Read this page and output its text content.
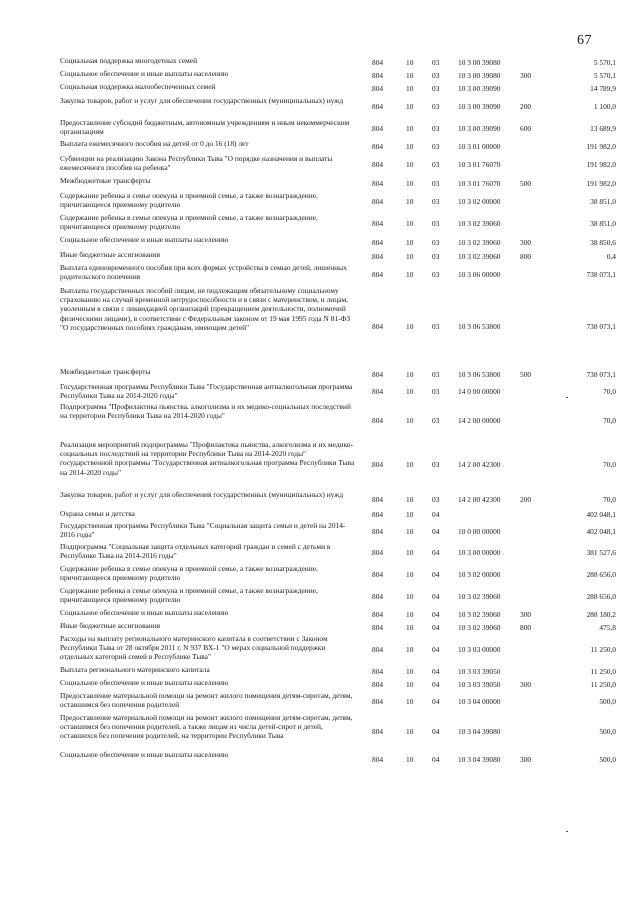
67
Социальная поддержка многодетных семей	804	10	03	10 3 00 39080		5 570,1
Социальное обеспечение и иные выплаты населению	804	10	03	10 3 00 39080	300	5 570,1
Социальная поддержка малообеспеченных семей	804	10	03	10 3 00 39090		14 789,9
Закупка товаров, работ и услуг для обеспечения государственных (муниципальных) нужд	804	10	03	10 3 00 39090	200	1 100,0
Предоставление субсидий бюджетным, автономным учреждениям и иным некоммерческим организациям	804	10	03	10 3 00 39090	600	13 689,9
Выплата ежемесячного пособия на детей от 0 до 16 (18) лет	804	10	03	10 3 01 00000		191 982,0
Субвенции на реализацию Закона Республики Тыва "О порядке назначения и выплаты ежемесячного пособия на ребенка"	804	10	03	10 3 01 76070		191 982,0
Межбюджетные трансферты	804	10	03	10 3 01 76070	500	191 982,0
Содержание ребенка в семье опекуна и приемной семье, а также вознаграждение, причитающееся приемному родителю	804	10	03	10 3 02 00000		38 851,0
Содержание ребенка в семье опекуна и приемной семье, а также вознаграждение, причитающееся приемному родителю	804	10	03	10 3 02 39060		38 851,0
Социальное обеспечение и иные выплаты населению	804	10	03	10 3 02 39060	300	38 850,6
Иные бюджетные ассигнования	804	10	03	10 3 02 39060	800	0,4
Выплата единовременного пособия при всех формах устройства в семью детей, лишенных родительского попечения	804	10	03	10 3 06 00000		738 073,1
Выплаты государственных пособий лицам, не подлежащим обязательному социальному страхованию на случай временной нетрудоспособности и в связи с материнством, и лицам, уволенным в связи с ликвидацией организаций (прекращением деятельности, полномочий физическими лицами), в соответствии с Федеральным законом от 19 мая 1995 года N 81-ФЗ "О государственных пособиях гражданам, имеющим детей"	804	10	03	10 3 06 53800		738 073,1
Межбюджетные трансферты	804	10	03	10 3 06 53800	500	738 073,1
Государственная программа Республики Тыва "Государственная антиалкогольная программа Республики Тыва на 2014-2020 годы"	804	10	03	14 0 00 00000		70,0
Подпрограмма "Профилактика пьянства, алкоголизма и их медико-социальных последствий на территории Республики Тыва на 2014-2020 годы"	804	10	03	14 2 00 00000		70,0
Реализация мероприятий подпрограммы "Профилактика пьянства, алкоголизма и их медико-социальных последствий на территории Республики Тыва на 2014-2020 годы" государственной программы "Государственная антиалкогольная программа Республики Тыва на 2014-2020 годы"	804	10	03	14 2 00 42300		70,0
Закупка товаров, работ и услуг для обеспечения государственных (муниципальных) нужд	804	10	03	14 2 00 42300	200	70,0
Охрана семьи и детства	804	10	04			402 048,1
Государственная программа Республики Тыва "Социальная защита семьи и детей на 2014-2016 годы"	804	10	04	10 0 00 00000		402 048,1
Подпрограмма "Социальная защита отдельных категорий граждан и семей с детьми в Республике Тыва на 2014-2016 годы"	804	10	04	10 3 00 00000		381 527,6
Содержание ребенка в семье опекуна и приемной семье, а также вознаграждение, причитающееся приемному родителю	804	10	04	10 3 02 00000		288 656,0
Содержание ребенка в семье опекуна и приемной семье, а также вознаграждение, причитающееся приемному родителю	804	10	04	10 3 02 39060		288 656,0
Социальное обеспечение и иные выплаты населению	804	10	04	10 3 02 39060	300	288 180,2
Иные бюджетные ассигнования	804	10	04	10 3 02 39060	800	475,8
Расходы на выплату регионального материнского капитала в соответствии с Законом Республики Тыва от 28 октября 2011 г. N 937 ВХ-1 "О мерах социальной поддержки отдельных категорий семей в Республике Тыва"	804	10	04	10 3 03 00000		11 250,0
Выплата регионального материнского капитала	804	10	04	10 3 03 39050		11 250,0
Социальное обеспечение и иные выплаты населению	804	10	04	10 3 03 39050	300	11 250,0
Предоставление материальной помощи на ремонт жилого помещения детям-сиротам, детям, оставшимся без попечения родителей	804	10	04	10 3 04 00000		500,0
Предоставление материальной помощи на ремонт жилого помещения детям-сиротам, детям, оставшимся без попечения родителей, а также лицам из числа детей-сирот и детей, оставшихся без попечения родителей, на территории Республики Тыва	804	10	04	10 3 04 39080		500,0
Социальное обеспечение и иные выплаты населению	804	10	04	10 3 04 39080	300	500,0
